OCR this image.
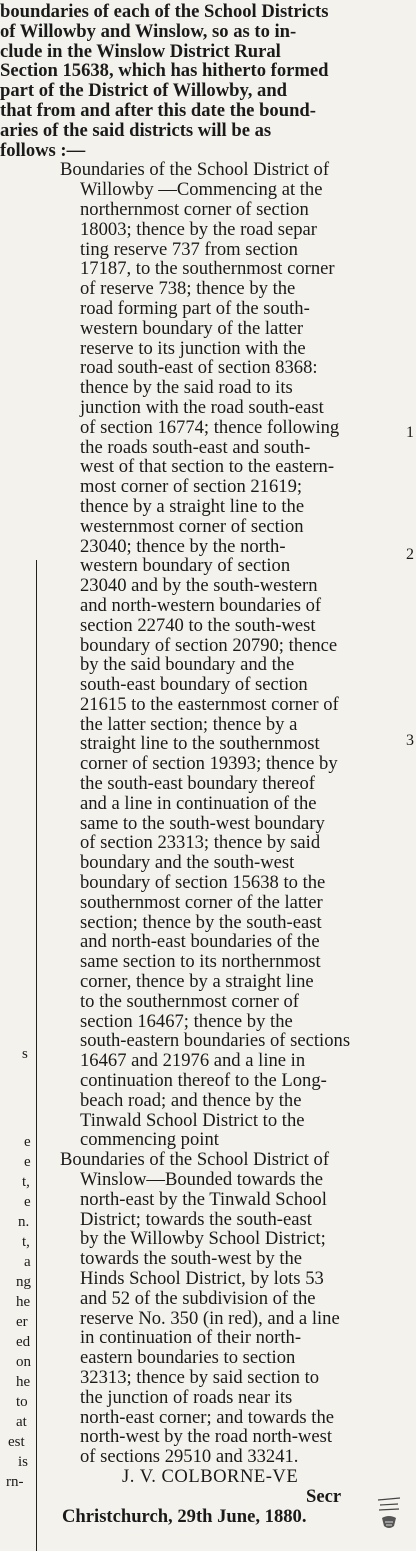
s
e
e
t,
e
n.
t,
a
ng
he
er
ed
on
he
to
at
est
is
rn-
1
2
3
boundaries of each of the School Districts
of Willowby and Winslow, so as to in-
clude in the Winslow District Rural
Section 15638, which has hitherto formed
part of the District of Willowby, and
that from and after this date the bound-
aries of the said districts will be as
follows :—
Boundaries of the School District of
Willowby —Commencing at the
northernmost corner of section
18003; thence by the road separ
ting reserve 737 from section
17187, to the southernmost corner
of reserve 738; thence by the
road forming part of the south-
western boundary of the latter
reserve to its junction with the
road south-east of section 8368:
thence by the said road to its
junction with the road south-east
of section 16774; thence following
the roads south-east and south-
west of that section to the eastern-
most corner of section 21619;
thence by a straight line to the
westernmost corner of section
23040; thence by the north-
western boundary of section
23040 and by the south-western
and north-western boundaries of
section 22740 to the south-west
boundary of section 20790; thence
by the said boundary and the
south-east boundary of section
21615 to the easternmost corner of
the latter section; thence by a
straight line to the southernmost
corner of section 19393; thence by
the south-east boundary thereof
and a line in continuation of the
same to the south-west boundary
of section 23313; thence by said
boundary and the south-west
boundary of section 15638 to the
southernmost corner of the latter
section; thence by the south-east
and north-east boundaries of the
same section to its northernmost
corner, thence by a straight line
to the southernmost corner of
section 16467; thence by the
south-eastern boundaries of sections
16467 and 21976 and a line in
continuation thereof to the Long-
beach road; and thence by the
Tinwald School District to the
commencing point
Boundaries of the School District of
Winslow—Bounded towards the
north-east by the Tinwald School
District; towards the south-east
by the Willowby School District;
towards the south-west by the
Hinds School District, by lots 53
and 52 of the subdivision of the
reserve No. 350 (in red), and a line
in continuation of their north-
eastern boundaries to section
32313; thence by said section to
the junction of roads near its
north-east corner; and towards the
north-west by the road north-west
of sections 29510 and 33241.
J. V. COLBORNE-VE
Secr
Christchurch, 29th June, 1880.
